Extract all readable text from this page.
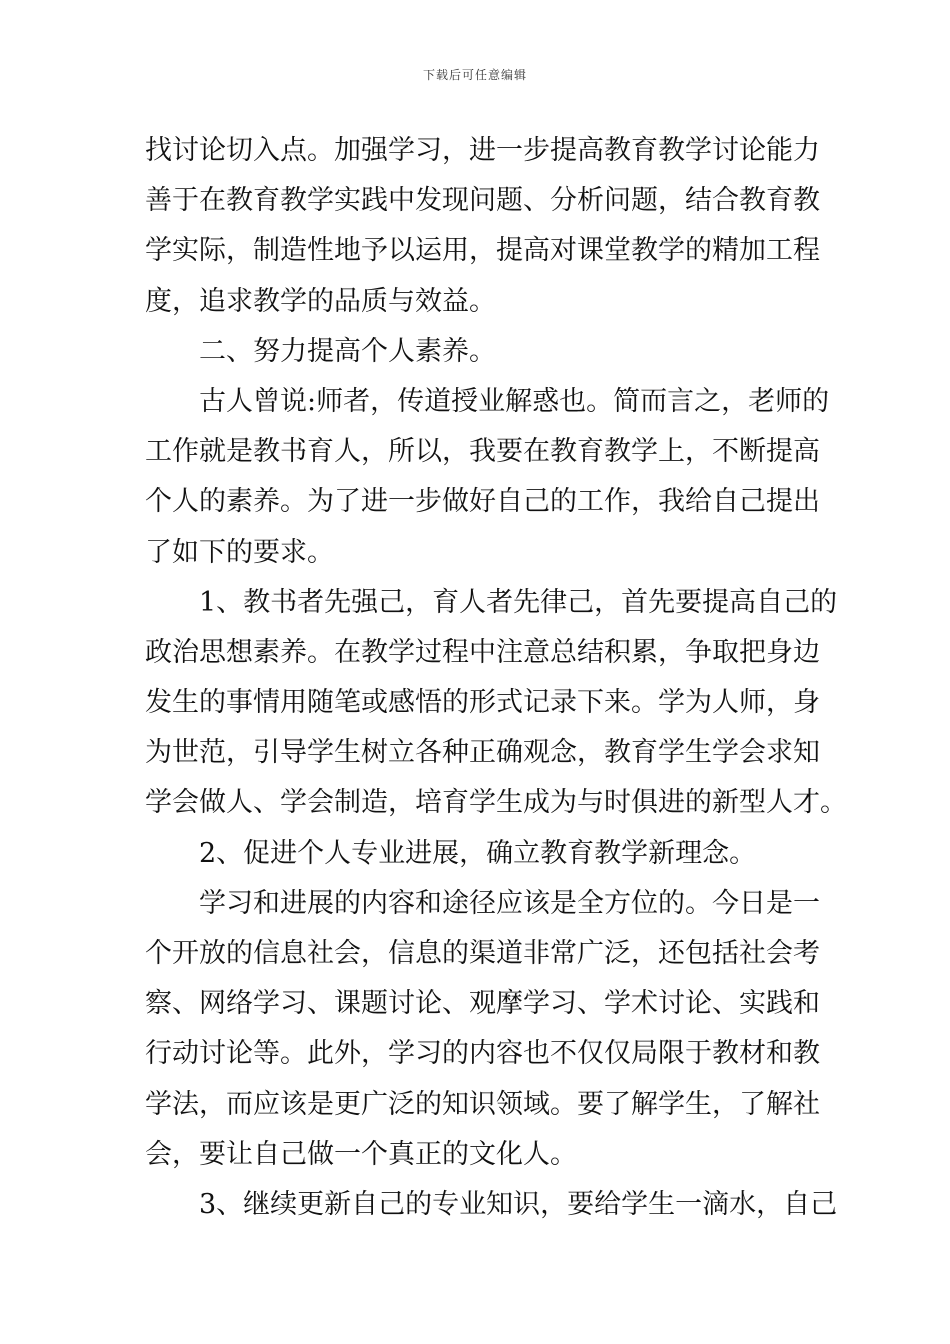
下载后可任意编辑
找讨论切入点。加强学习，进一步提高教育教学讨论能力
善于在教育教学实践中发现问题、分析问题，结合教育教
学实际，制造性地予以运用，提高对课堂教学的精加工程
度，追求教学的品质与效益。
二、努力提高个人素养。
古人曾说:师者，传道授业解惑也。简而言之，老师的
工作就是教书育人，所以，我要在教育教学上，不断提高
个人的素养。为了进一步做好自己的工作，我给自己提出
了如下的要求。
1、教书者先强己，育人者先律己，首先要提高自己的
政治思想素养。在教学过程中注意总结积累，争取把身边
发生的事情用随笔或感悟的形式记录下来。学为人师，身
为世范，引导学生树立各种正确观念，教育学生学会求知
学会做人、学会制造，培育学生成为与时俱进的新型人才。
2、促进个人专业进展，确立教育教学新理念。
学习和进展的内容和途径应该是全方位的。今日是一
个开放的信息社会，信息的渠道非常广泛，还包括社会考
察、网络学习、课题讨论、观摩学习、学术讨论、实践和
行动讨论等。此外，学习的内容也不仅仅局限于教材和教
学法，而应该是更广泛的知识领域。要了解学生，了解社
会，要让自己做一个真正的文化人。
3、继续更新自己的专业知识，要给学生一滴水，自己
